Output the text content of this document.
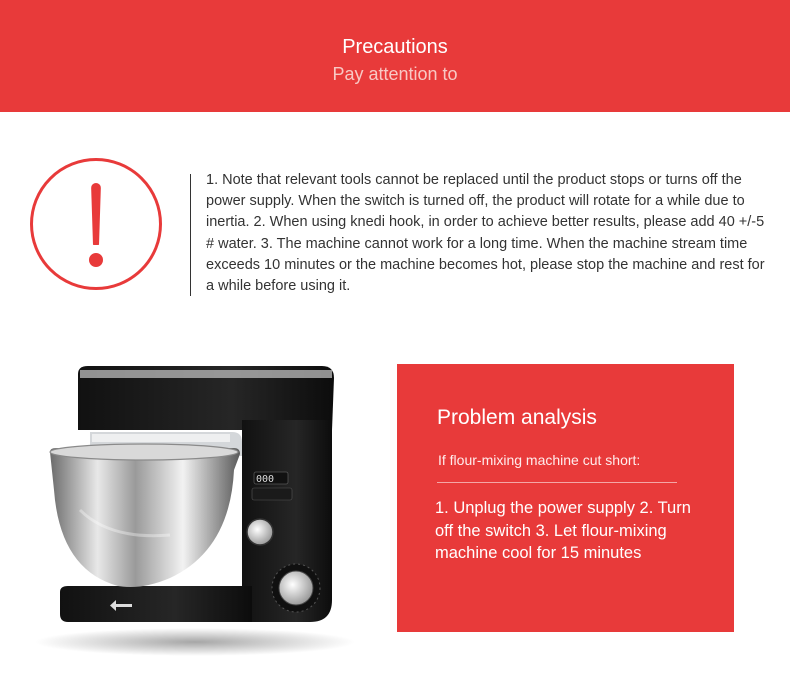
Precautions
Pay attention to
1. Note that relevant tools cannot be replaced until the product stops or turns off the power supply. When the switch is turned off, the product will rotate for a while due to inertia. 2. When using knedi hook, in order to achieve better results, please add 40 +/-5 # water. 3. The machine cannot work for a long time. When the machine stream time exceeds 10 minutes or the machine becomes hot, please stop the machine and rest for a while before using it.
000
Problem analysis
If flour-mixing machine cut short:
1. Unplug the power supply 2. Turn off the switch 3. Let flour-mixing machine cool for 15 minutes
